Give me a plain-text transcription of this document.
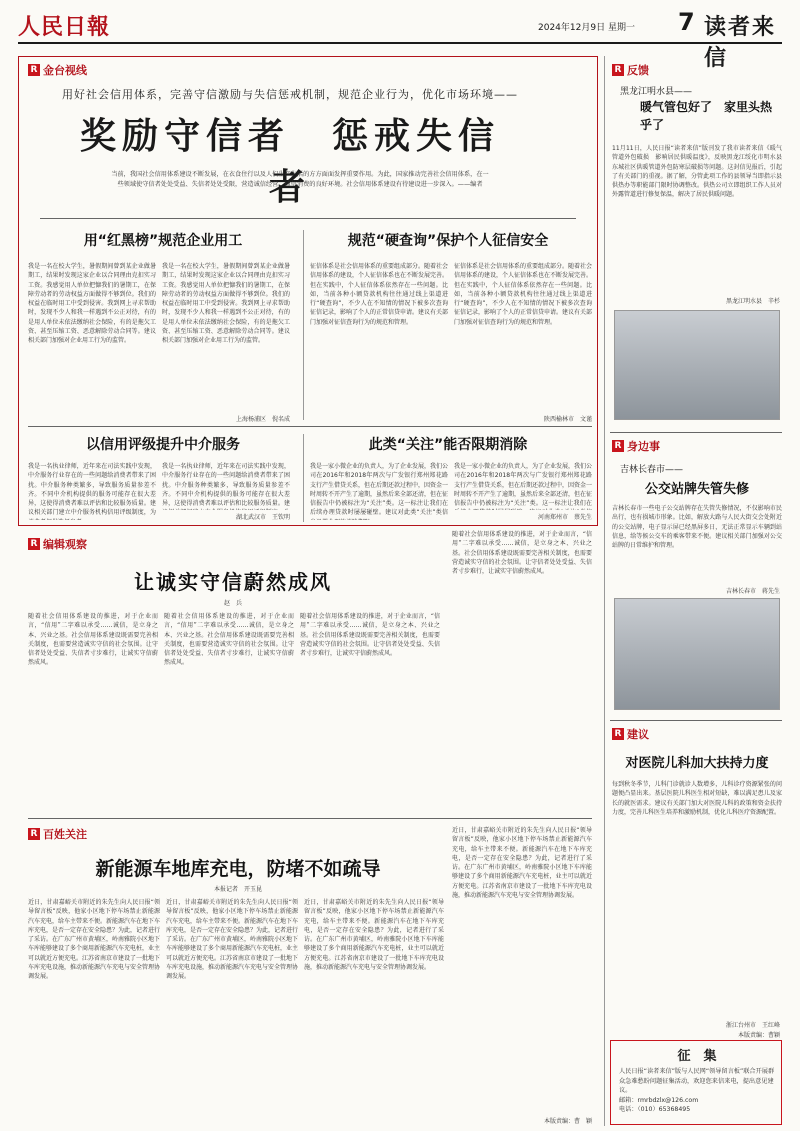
人民日報	2024年12月9日 星期一 7 读者来信
R 金台视线
用好社会信用体系，完善守信激励与失信惩戒机制，规范企业行为，优化市场环境——
奖励守信者　惩戒失信者
当前，我国社会信用体系建设不断发展，在衣食住行以及人们生产生活的方方面面发挥重要作用。为此，国家推动完善社会信用体系，在一些领域使守信者处处受益、失信者处处受限，营造诚信经营、诚信消费的良好环境。社会信用体系建设有待建设进一步深入。——编者
用“红黑榜”规范企业用工
我是一名在校大学生，暑假期间曾到某企业做暑期工，结果时发现这家企业以合同理由克扣实习工资。我感觉用人单位把慷我们的暑期工，在保障劳动者的劳动权益方面做得不够到位。我们的权益在临时用工中受到侵害。我到网上寻求帮助时，发现不少人和我一样遇到不公正对待，有的是用人单位未依法缴纳社会保险，有的是拖欠工资、甚至压缩工资、恶意解除劳动合同等。建议相关部门加强对企业用工行为的监管。
我是一名在校大学生，暑假期间曾到某企业做暑期工，结果时发现这家企业以合同理由克扣实习工资。我感觉用人单位把慷我们的暑期工，在保障劳动者的劳动权益方面做得不够到位。我们的权益在临时用工中受到侵害。我到网上寻求帮助时，发现不少人和我一样遇到不公正对待，有的是用人单位未依法缴纳社会保险，有的是拖欠工资、甚至压缩工资、恶意解除劳动合同等。建议相关部门加强对企业用工行为的监管。
上海杨浦区　倪名成
规范“硬查询”保护个人征信安全
征信体系是社会信用体系的重要组成部分。随着社会信用体系的建设，个人征信体系也在不断发展完善。但在实践中，个人征信体系依然存在一些问题。比如，当前各种小额贷款机构往往通过线上渠道进行“硬查询”，不少人在不知情的情况下被多次查询征信记录，影响了个人的正常信贷申请。建议有关部门加强对征信查询行为的规范和管理。
征信体系是社会信用体系的重要组成部分。随着社会信用体系的建设，个人征信体系也在不断发展完善。但在实践中，个人征信体系依然存在一些问题。比如，当前各种小额贷款机构往往通过线上渠道进行“硬查询”，不少人在不知情的情况下被多次查询征信记录，影响了个人的正常信贷申请。建议有关部门加强对征信查询行为的规范和管理。
陕西榆林市　文谨
以信用评级提升中介服务
我是一名执业律师，近年来在司法实践中发现，中介服务行业存在的一些问题给消费者带来了困扰。中介服务种类繁多，导致服务质量参差不齐。不同中介机构提供的服务可能存在很大差异，这使得消费者难以评估和比较服务质量。建议相关部门建立中介服务机构信用评级制度，为
我是一名执业律师，近年来在司法实践中发现，中介服务行业存在的一些问题给消费者带来了困扰。中介服务种类繁多，导致服务质量参差不齐。不同中介机构提供的服务可能存在很大差异，这使得消费者难以评估和比较服务质量。建
湖北武汉市　王钦明
此类“关注”能否限期消除
我是一家小微企业的负责人，为了企业发展，我们公司在2016年和2018年两次与广发银行郑州郑花路支行产生借贷关系，但在后期还款过程中，因资金一时周转不开产生了逾期，虽然后来全部还清，但在征信报告中仍被标注为“关注”类。这一标注让我们在后续办理贷款时屡屡碰壁。建议对此类“关注”类信
我是一家小微企业的负责人，为了企业发展，我们公司在2016年和2018年两次与广发银行郑州郑花路支行产生借贷关系，但在后期还款过程中，因资金一时周转不开产生了逾期，虽然后来全部还清，但在征信报告中仍被标注为“关注”类。这一标注让我们在
河南郑州市　蔡先生
R 编辑观察
让诚实守信蔚然成风
赵　兵
随着社会信用体系建设的推进，对于企业而言，“信用”二字难以承受……诚信，是立身之本、兴业之基。社会信用体系建设既需要完善相关制度，也需要营造诚实守信的社会氛围。让守信者处处受益、失信者寸步难行，让诚实守信蔚然成风。
随着社会信用体系建设的推进，对于企业而言，“信用”二字难以承受……诚信，是立身之本、兴业之基。社会信用体系建设既需要完善相关制度，也需要营造诚实守信的社会氛围。让守信者处处受益、失信者寸步难行，让诚实守信蔚然成风。
随着社会信用体系建设的推进，对于企业而言，“信用”二字难以承受……诚信，是立身之本、兴业之基。社会信用体系建设既需要完善相关制度，也需要营造诚实守信的社会氛围。让守信者处处受益、失信者寸步难行，让诚实守信蔚然成风。
随着社会信用体系建设的推进，对于企业而言，“信用”二字难以承受……诚信，是立身之本、兴业之基。社会信用体系建设既需要完善相关制度，也需要营造诚实守信的社会氛围。让守信者处处受益、失信者寸步难行，让诚实守信蔚然成风。
R 百姓关注
新能源车地库充电，防堵不如疏导
本报记者　开玉昆
近日，甘肃嘉峪关市附近的朱先生向人民日报“领导留言板”反映，他家小区地下停车场禁止新能源汽车充电，给车主带来不便。新能源汽车在地下车库充电，是否一定存在安全隐患？为此，记者进行了采访。在广东广州市黄埔区，岭南雅院小区地下车库能够建设了多个商用新能源汽车充电桩，业主可以就近方便充电。江苏省南京市建设了一批地下车库充电设施，推动新能源汽车充电与安全管理协调发展。
近日，甘肃嘉峪关市附近的朱先生向人民日报“领导留言板”反映，他家小区地下停车场禁止新能源汽车充电，给车主带来不便。新能源汽车在地下车库充电，是否一定存在安全隐患？为此，记者进行了采访。在广东广州市黄埔区，岭南雅院小区地下车库能够建设了多个商用新能源汽车充电桩，业主可以就近方便充电。江苏省南京市建设了一批地下车库充电设施，推动新能源汽车充电与安全管理协调发展。
近日，甘肃嘉峪关市附近的朱先生向人民日报“领导留言板”反映，他家小区地下停车场禁止新能源汽车充电，给车主带来不便。新能源汽车在地下车库充电，是否一定存在安全隐患？为此，记者进行了采访。在广东广州市黄埔区，岭南雅院小区地下车库能够建设了多个商用新能源汽车充电桩，业主可以就近方便充电。江苏省南京市建设了一批地下车库充电设施，推动新能源汽车充电与安全管理协调发展。
近日，甘肃嘉峪关市附近的朱先生向人民日报“领导留言板”反映，他家小区地下停车场禁止新能源汽车充电，给车主带来不便。新能源汽车在地下车库充电，是否一定存在安全隐患？为此，记者进行了采访。在广东广州市黄埔区，岭南雅院小区地下车库能够建设了多个商用新能源汽车充电桩，业主可以就近方便充电。江苏省南京市建设了一批地下车库充电设施，推动新能源汽车充电与安全管理协调发展。
本版责编：曹　颖
R 反馈
黑龙江明水县——
暖气管包好了　家里头热乎了
11月11日，人民日报“读者来信”版刊发了我市读者来信《暖气管道外包破损　影响居民供暖温度》，反映黑龙江绥化市明水县东城社区供暖管道外包防寒层破损等问题。这封信见报后，引起了有关部门的重视。据了解，分管此项工作的县领导当即指示县供热办等职能部门限时协调整改。供热公司立即组织工作人员对外露管道进行修复保温，解决了居民供暖问题。
黑龙江明水县　辛杉
R 身边事
吉林长春市——
公交站牌失管失修
吉林长春市一些电子公交站牌存在失管失修情况，不仅影响市民出行，也有损城市形象。比如，解放大路与人民大街交会处附近的公交站牌，电子显示屏已经黑屏多日，无法正常显示车辆到站信息，给等候公交车的乘客带来不便。建议相关部门加强对公交站牌的日常维护和管理。
吉林长春市　蒋先生
R 建议
对医院儿科加大扶持力度
每到秋冬季节，儿科门诊就诊人数增多，儿科诊疗资源紧张的问题便凸显出来。基层医院儿科医生相对短缺，难以满足患儿及家长的就医需求。建议有关部门加大对医院儿科的政策和资金扶持力度，完善儿科医生培养和激励机制，优化儿科医疗资源配置。
浙江台州市　王红峰
本版责编：曹颖
征　集
人民日报“读者来信”版与人民网“领导留言板”联合开展群众急难愁盼问题征集活动，欢迎您来信来电，提出意见建议。
邮箱：rmrbdzlx@126.com
电话：（010）65368495
